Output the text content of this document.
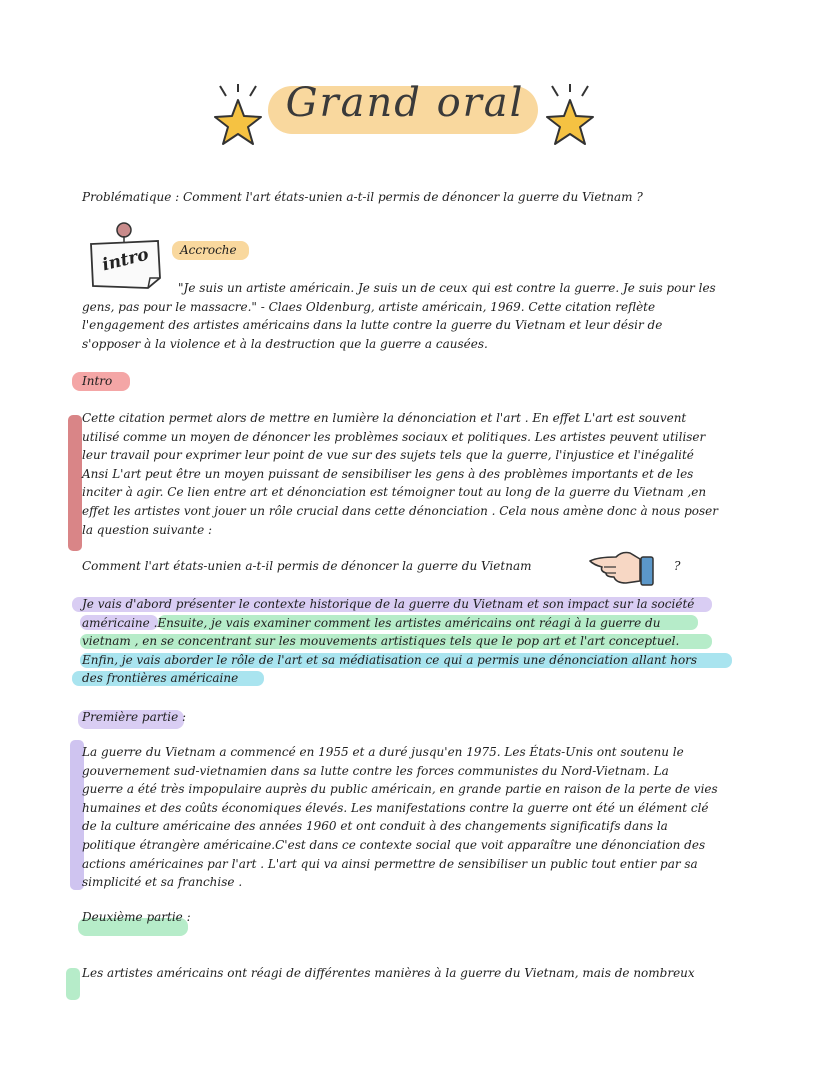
Grand oral
Problématique : Comment l'art états-unien a-t-il permis de dénoncer la guerre du Vietnam ?
intro Accroche
"Je suis un artiste américain. Je suis un de ceux qui est contre la guerre. Je suis pour les
gens, pas pour le massacre." - Claes Oldenburg, artiste américain, 1969. Cette citation reflète
l'engagement des artistes américains dans la lutte contre la guerre du Vietnam et leur désir de
s'opposer à la violence et à la destruction que la guerre a causées.
Intro
Cette citation permet alors de mettre en lumière la dénonciation et l'art . En effet L'art est souvent
utilisé comme un moyen de dénoncer les problèmes sociaux et politiques. Les artistes peuvent utiliser
leur travail pour exprimer leur point de vue sur des sujets tels que la guerre, l'injustice et l'inégalité
Ansi L'art peut être un moyen puissant de sensibiliser les gens à des problèmes importants et de les
inciter à agir. Ce lien entre art et dénonciation est témoigner tout au long de la guerre du Vietnam ,en
effet les artistes vont jouer un rôle crucial dans cette dénonciation . Cela nous amène donc à nous poser
la question suivante :
Comment l'art états-unien a-t-il permis de dénoncer la guerre du Vietnam	?
Je vais d'abord présenter le contexte historique de la guerre du Vietnam et son impact sur la société
américaine .Ensuite, je vais examiner comment les artistes américains ont réagi à la guerre du
vietnam , en se concentrant sur les mouvements artistiques tels que le pop art et l'art conceptuel.
Enfin, je vais aborder le rôle de l'art et sa médiatisation ce qui a permis une dénonciation allant hors
des frontières américaine
Première partie :
La guerre du Vietnam a commencé en 1955 et a duré jusqu'en 1975. Les États-Unis ont soutenu le
gouvernement sud-vietnamien dans sa lutte contre les forces communistes du Nord-Vietnam. La
guerre a été très impopulaire auprès du public américain, en grande partie en raison de la perte de vies
humaines et des coûts économiques élevés. Les manifestations contre la guerre ont été un élément clé
de la culture américaine des années 1960 et ont conduit à des changements significatifs dans la
politique étrangère américaine.C'est dans ce contexte social que voit apparaître une dénonciation des
actions américaines par l'art . L'art qui va ainsi permettre de sensibiliser un public tout entier par sa
simplicité et sa franchise .
Deuxième partie :
Les artistes américains ont réagi de différentes manières à la guerre du Vietnam, mais de nombreux
